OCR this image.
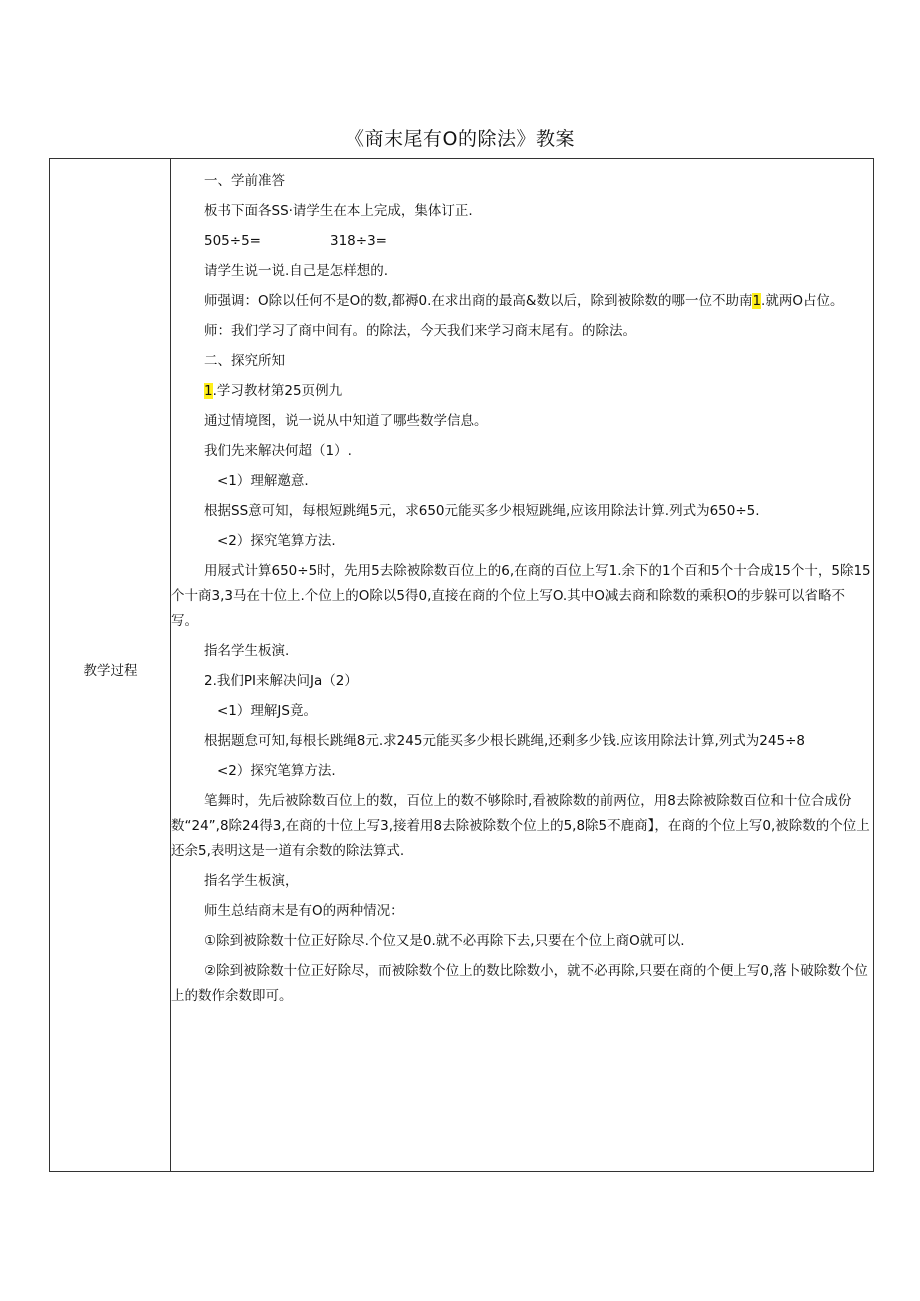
《商末尾有O的除法》教案
教学过程

一、学前准答

板书下面各SS·请学生在本上完成，集体订正.

505÷5=	318÷3=

请学生说一说.自己是怎样想的.

师强调：O除以任何不是O的数,都褥0.在求出商的最高&数以后，除到被除数的哪一位不助南1.就两O占位。

师：我们学习了商中间有。的除法，今天我们来学习商末尾有。的除法。

二、探究所知

1.学习教材第25页例九

通过情境图，说一说从中知道了哪些数学信息。

我们先来解决何超（1）.

<1）理解邀意.

根据SS意可知，每根短跳绳5元，求650元能买多少根短跳绳,应该用除法计算.列式为650÷5.

<2）探究笔算方法.

用屐式计算650÷5时，先用5去除被除数百位上的6,在商的百位上写1.余下的1个百和5个十合成15个十，5除15个十商3,3马在十位上.个位上的O除以5得0,直接在商的个位上写O.其中O减去商和除数的乘积O的步躲可以省略不写。

指名学生板演.

2.我们PI来解决问Ja（2）

<1）理解JS竟。

根据题怠可知,每根长跳绳8元.求245元能买多少根长跳绳,还剩多少钱.应该用除法计算,列式为245÷8

<2）探究笔算方法.

笔舞时，先后被除数百位上的数，百位上的数不够除时,看被除数的前两位，用8去除被除数百位和十位合成份数“24”,8除24得3,在商的十位上写3,接着用8去除被除数个位上的5,8除5不鹿商】，在商的个位上写0,被除数的个位上还余5,表明这是一道有余数的除法算式.

指名学生板演，

师生总结商末是有O的两种情况：

①除到被除数十位正好除尽.个位又是0.就不必再除下去,只要在个位上商O就可以.

②除到被除数十位正好除尽，而被除数个位上的数比除数小，就不必再除,只要在商的个便上写0,落卜破除数个位上的数作余数即可。
